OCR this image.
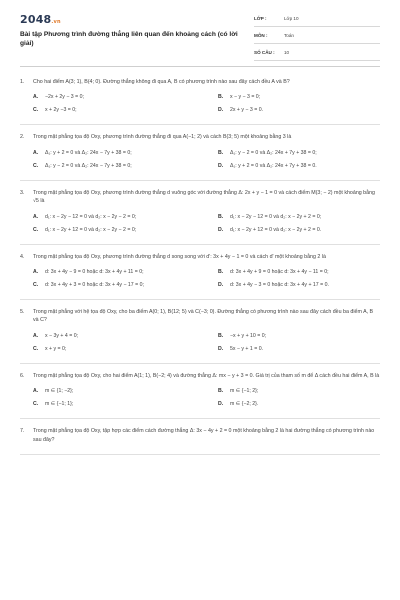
2048.vn
Bài tập Phương trình đường thẳng liên quan đến khoảng cách (có lời giải)
LỚP :	Lớp 10
MÔN :	Toán
SỐ CÂU : 10
1.	Cho hai điểm A(3; 1), B(4; 0). Đường thẳng không đi qua A, B có phương trình nào sau đây cách đều A và B?
A.	−2x + 2y − 3 = 0;	B.	x − y − 3 = 0;
C.	x + 2y −3 = 0;	D.	2x + y − 3 = 0.
2.	Trong mặt phẳng tọa độ Oxy, phương trình đường thẳng đi qua A(−1; 2) và cách B(3; 5) một khoảng bằng 3 là
A.	Δ₁: y + 2 = 0 và Δ₂: 24x − 7y + 38 = 0;	B.	Δ₁: y − 2 = 0 và Δ₂: 24x + 7y + 38 = 0;
C.	Δ₁: y − 2 = 0 và Δ₂: 24x − 7y + 38 = 0;	D.	Δ₁: y + 2 = 0 và Δ₂: 24x + 7y + 38 = 0.
3.	Trong mặt phẳng tọa độ Oxy, phương trình đường thẳng d vuông góc với đường thẳng Δ: 2x + y − 1 = 0 và cách điểm M(3; − 2) một khoảng bằng √5 là
A.	d₁: x − 2y − 12 = 0 và d₂: x − 2y − 2 = 0;	B.	d₁: x − 2y − 12 = 0 và d₂: x − 2y + 2 = 0;
C.	d₁: x − 2y + 12 = 0 và d₂: x − 2y − 2 = 0;	D.	d₁: x − 2y + 12 = 0 và d₂: x − 2y + 2 = 0.
4.	Trong mặt phẳng tọa độ Oxy, phương trình đường thẳng d song song với d': 3x + 4y − 1 = 0 và cách d' một khoảng bằng 2 là
A.	d: 3x + 4y − 9 = 0 hoặc d: 3x + 4y + 11 = 0;	B.	d: 3x + 4y + 9 = 0 hoặc d: 3x + 4y − 11 = 0;
C.	d: 3x + 4y + 3 = 0 hoặc d: 3x + 4y − 17 = 0;	D.	d: 3x + 4y − 3 = 0 hoặc d: 3x + 4y + 17 = 0.
5.	Trong mặt phẳng với hệ tọa độ Oxy, cho ba điểm A(0; 1), B(12; 5) và C(−3; 0). Đường thẳng có phương trình nào sau đây cách đều ba điểm A, B và C?
A.	x − 3y + 4 = 0;	B.	−x + y + 10 = 0;
C.	x + y = 0;	D.	5x − y + 1 = 0.
6.	Trong mặt phẳng tọa độ Oxy, cho hai điểm A(1; 1), B(−2; 4) và đường thẳng Δ: mx − y + 3 = 0. Giá trị của tham số m để Δ cách đều hai điểm A, B là
A.	m ∈ {1; −2};	B.	m ∈ {−1; 2};
C.	m ∈ {−1; 1};	D.	m ∈ {−2; 2}.
7.	Trong mặt phẳng tọa độ Oxy, tập hợp các điểm cách đường thẳng Δ: 3x − 4y + 2 = 0 một khoảng bằng 2 là hai đường thẳng có phương trình nào sau đây?
